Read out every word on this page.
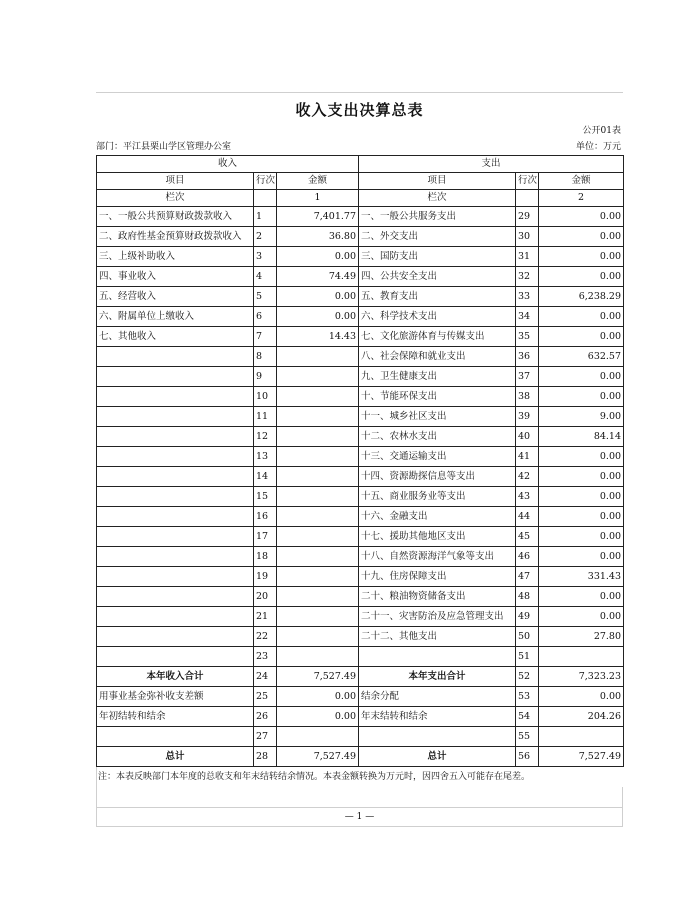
收入支出决算总表
公开01表
部门：平江县栗山学区管理办公室	单位：万元
收入			支出		
项目	行次	金额	项目	行次	金额
栏次		1	栏次		2
一、一般公共预算财政拨款收入	1	7,401.77	一、一般公共服务支出	29	0.00
二、政府性基金预算财政拨款收入	2	36.80	二、外交支出	30	0.00
三、上级补助收入	3	0.00	三、国防支出	31	0.00
四、事业收入	4	74.49	四、公共安全支出	32	0.00
五、经营收入	5	0.00	五、教育支出	33	6,238.29
六、附属单位上缴收入	6	0.00	六、科学技术支出	34	0.00
七、其他收入	7	14.43	七、文化旅游体育与传媒支出	35	0.00
	8		八、社会保障和就业支出	36	632.57
	9		九、卫生健康支出	37	0.00
	10		十、节能环保支出	38	0.00
	11		十一、城乡社区支出	39	9.00
	12		十二、农林水支出	40	84.14
	13		十三、交通运输支出	41	0.00
	14		十四、资源勘探信息等支出	42	0.00
	15		十五、商业服务业等支出	43	0.00
	16		十六、金融支出	44	0.00
	17		十七、援助其他地区支出	45	0.00
	18		十八、自然资源海洋气象等支出	46	0.00
	19		十九、住房保障支出	47	331.43
	20		二十、粮油物资储备支出	48	0.00
	21		二十一、灾害防治及应急管理支出	49	0.00
	22		二十二、其他支出	50	27.80
	23			51	
本年收入合计	24	7,527.49	本年支出合计	52	7,323.23
用事业基金弥补收支差额	25	0.00	结余分配	53	0.00
年初结转和结余	26	0.00	年末结转和结余	54	204.26
	27			55	
总计	28	7,527.49	总计	56	7,527.49
注：本表反映部门本年度的总收支和年末结转结余情况。本表金额转换为万元时，因四舍五入可能存在尾差。
— 1 —
